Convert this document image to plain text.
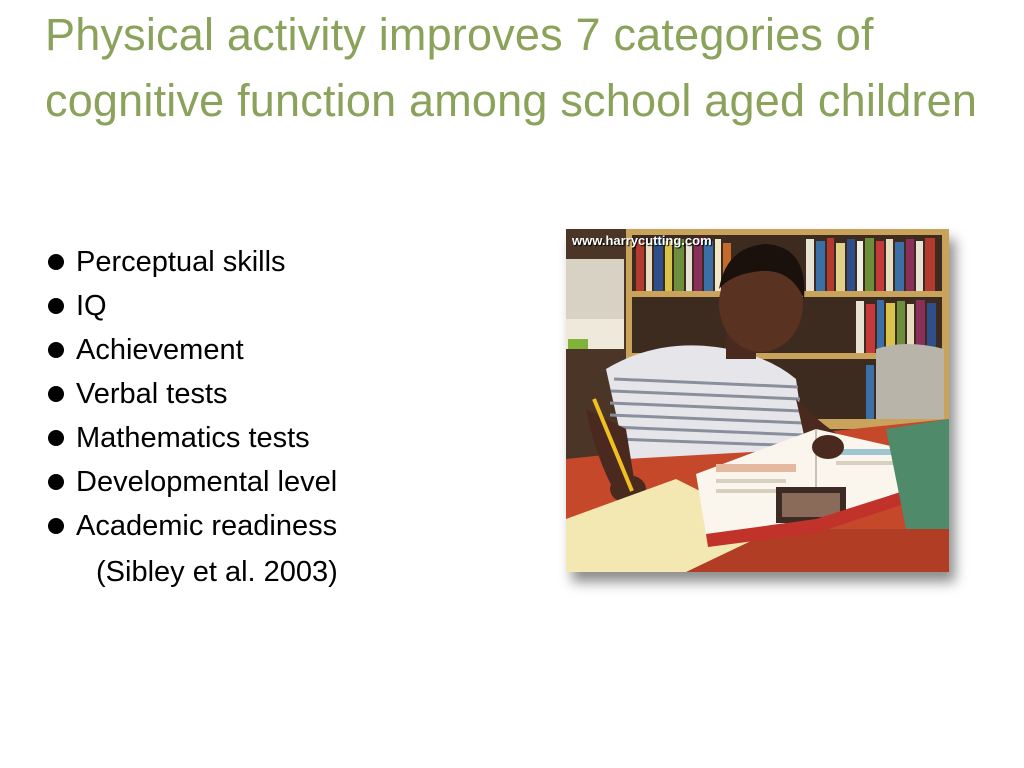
Physical activity improves 7 categories of cognitive function among school aged children
Perceptual skills
IQ
Achievement
Verbal tests
Mathematics tests
Developmental level
Academic readiness
(Sibley et al. 2003)
www.harrycutting.com
